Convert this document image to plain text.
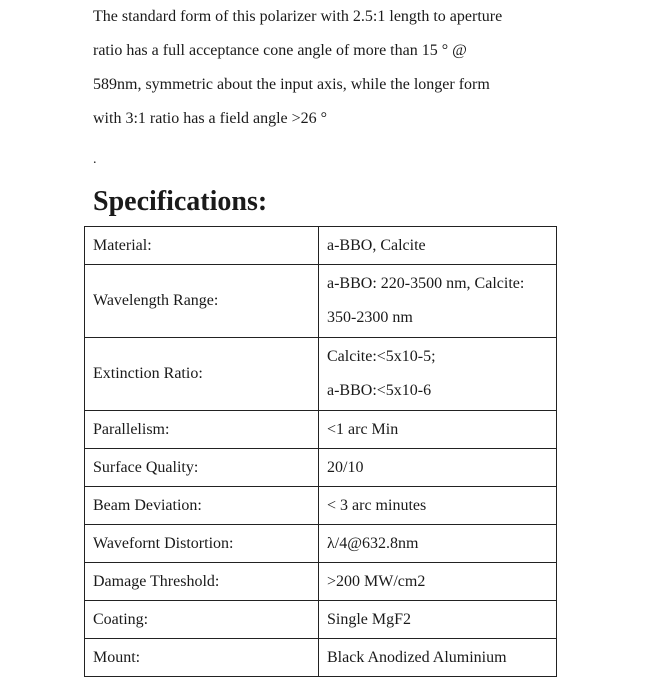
The standard form of this polarizer with 2.5:1 length to aperture
ratio has a full acceptance cone angle of more than 15 ° @
589nm, symmetric about the input axis, while the longer form
with 3:1 ratio has a field angle >26 °
.
Specifications:
Material:	a-BBO, Calcite
Wavelength Range:	a-BBO: 220-3500 nm, Calcite:
350-2300 nm

Extinction Ratio:	Calcite:<5x10-5;
a-BBO:<5x10-6

Parallelism:	<1 arc Min
Surface Quality:	20/10
Beam Deviation:	< 3 arc minutes
Wavefornt Distortion:	λ/4@632.8nm
Damage Threshold:	>200 MW/cm2
Coating:	Single MgF2
Mount:	Black Anodized Aluminium
